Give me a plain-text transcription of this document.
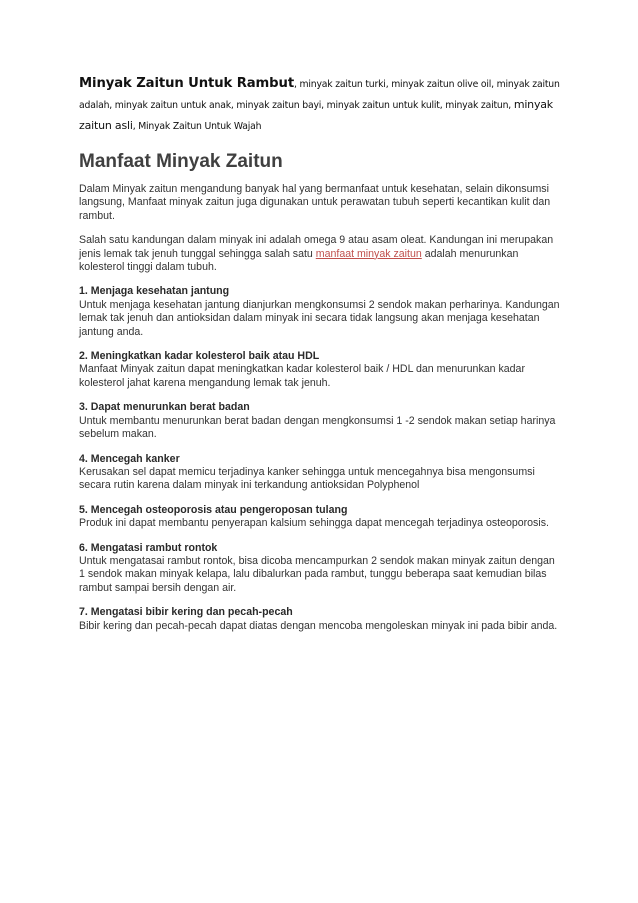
Minyak Zaitun Untuk Rambut, minyak zaitun turki, minyak zaitun olive oil, minyak zaitun adalah, minyak zaitun untuk anak, minyak zaitun bayi, minyak zaitun untuk kulit, minyak zaitun, minyak zaitun asli, Minyak Zaitun Untuk Wajah
Manfaat Minyak Zaitun

Dalam Minyak zaitun mengandung banyak hal yang bermanfaat untuk kesehatan, selain dikonsumsi langsung, Manfaat minyak zaitun juga digunakan untuk perawatan tubuh seperti kecantikan kulit dan rambut.

Salah satu kandungan dalam minyak ini adalah omega 9 atau asam oleat. Kandungan ini merupakan jenis lemak tak jenuh tunggal sehingga salah satu manfaat minyak zaitun adalah menurunkan kolesterol tinggi dalam tubuh.

1. Menjaga kesehatan jantung
Untuk menjaga kesehatan jantung dianjurkan mengkonsumsi 2 sendok makan perharinya. Kandungan lemak tak jenuh dan antioksidan dalam minyak ini secara tidak langsung akan menjaga kesehatan jantung anda.
2. Meningkatkan kadar kolesterol baik atau HDL
Manfaat Minyak zaitun dapat meningkatkan kadar kolesterol baik / HDL dan menurunkan kadar kolesterol jahat karena mengandung lemak tak jenuh.
3. Dapat menurunkan berat badan
Untuk membantu menurunkan berat badan dengan mengkonsumsi 1 -2 sendok makan setiap harinya sebelum makan.
4. Mencegah kanker
Kerusakan sel dapat memicu terjadinya kanker sehingga untuk mencegahnya bisa mengonsumsi secara rutin karena dalam minyak ini terkandung antioksidan Polyphenol
5. Mencegah osteoporosis atau pengeroposan tulang
Produk ini dapat membantu penyerapan kalsium sehingga dapat mencegah terjadinya osteoporosis.
6. Mengatasi rambut rontok
Untuk mengatasai rambut rontok, bisa dicoba mencampurkan 2 sendok makan minyak zaitun dengan 1 sendok makan minyak kelapa, lalu dibalurkan pada rambut, tunggu beberapa saat kemudian bilas rambut sampai bersih dengan air.
7. Mengatasi bibir kering dan pecah-pecah
Bibir kering dan pecah-pecah dapat diatas dengan mencoba mengoleskan minyak ini pada bibir anda.
